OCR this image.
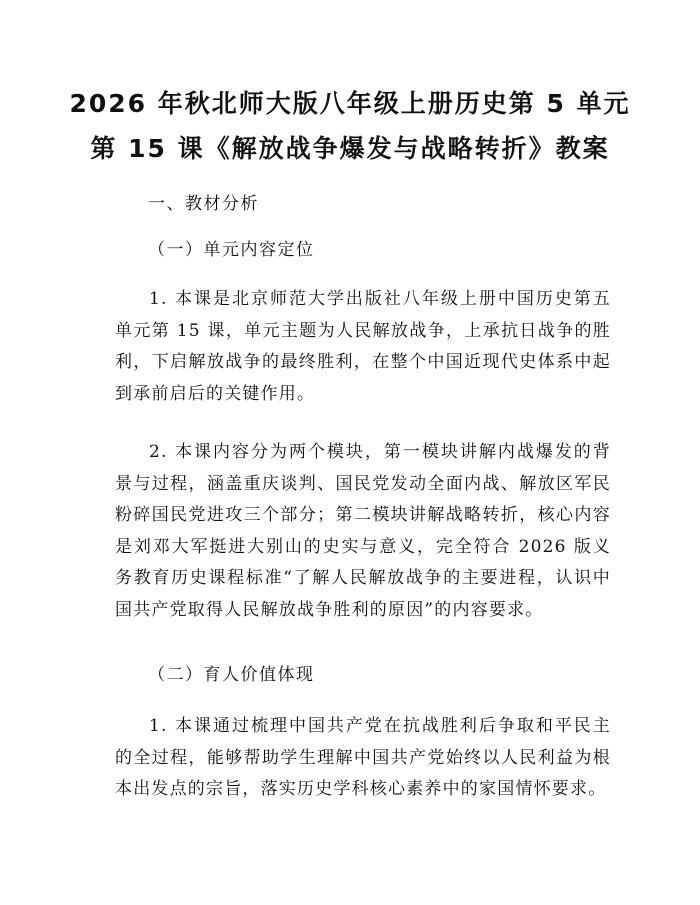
2026 年秋北师大版八年级上册历史第 5 单元
第 15 课《解放战争爆发与战略转折》教案
一、教材分析
（一）单元内容定位

1. 本课是北京师范大学出版社八年级上册中国历史第五单元第 15 课，单元主题为人民解放战争，上承抗日战争的胜利，下启解放战争的最终胜利，在整个中国近现代史体系中起到承前启后的关键作用。

2. 本课内容分为两个模块，第一模块讲解内战爆发的背景与过程，涵盖重庆谈判、国民党发动全面内战、解放区军民粉碎国民党进攻三个部分；第二模块讲解战略转折，核心内容是刘邓大军挺进大别山的史实与意义，完全符合 2026 版义务教育历史课程标准“了解人民解放战争的主要进程，认识中国共产党取得人民解放战争胜利的原因”的内容要求。

（二）育人价值体现

1. 本课通过梳理中国共产党在抗战胜利后争取和平民主的全过程，能够帮助学生理解中国共产党始终以人民利益为根本出发点的宗旨，落实历史学科核心素养中的家国情怀要求。
